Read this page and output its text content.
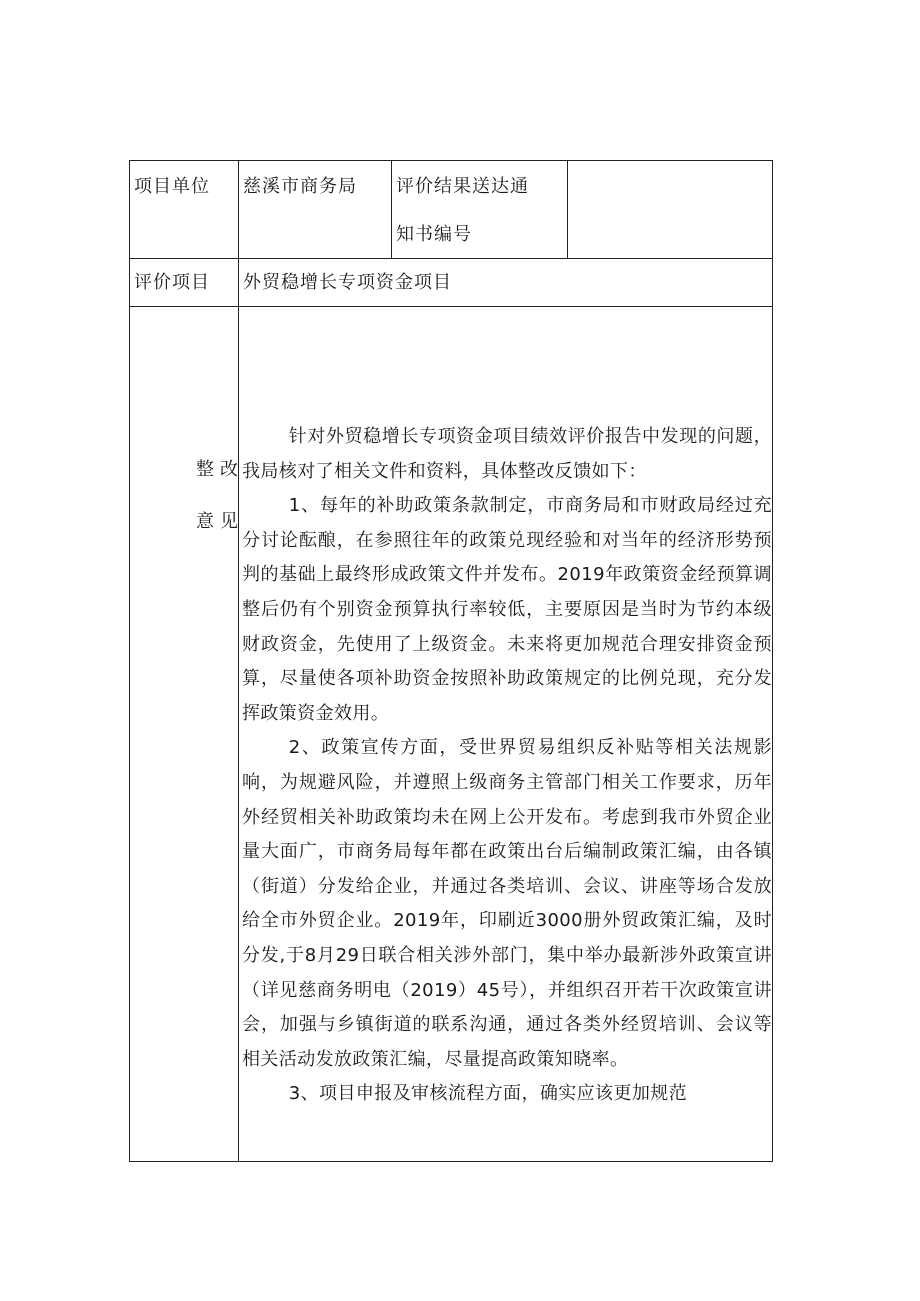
项目单位 慈溪市商务局 评价结果送达通
知书编号
评价项目 外贸稳增长专项资金项目
整改
意见

针对外贸稳增长专项资金项目绩效评价报告中发现的问题，我局核对了相关文件和资料，具体整改反馈如下：

1、每年的补助政策条款制定，市商务局和市财政局经过充分讨论酝酿，在参照往年的政策兑现经验和对当年的经济形势预判的基础上最终形成政策文件并发布。2019年政策资金经预算调整后仍有个别资金预算执行率较低，主要原因是当时为节约本级财政资金，先使用了上级资金。未来将更加规范合理安排资金预算，尽量使各项补助资金按照补助政策规定的比例兑现，充分发挥政策资金效用。

2、政策宣传方面，受世界贸易组织反补贴等相关法规影响，为规避风险，并遵照上级商务主管部门相关工作要求，历年外经贸相关补助政策均未在网上公开发布。考虑到我市外贸企业量大面广，市商务局每年都在政策出台后编制政策汇编，由各镇（街道）分发给企业，并通过各类培训、会议、讲座等场合发放给全市外贸企业。2019年，印刷近3000册外贸政策汇编，及时分发,于8月29日联合相关涉外部门，集中举办最新涉外政策宣讲（详见慈商务明电（2019）45号），并组织召开若干次政策宣讲会，加强与乡镇街道的联系沟通，通过各类外经贸培训、会议等相关活动发放政策汇编，尽量提高政策知晓率。

3、项目申报及审核流程方面，确实应该更加规范
